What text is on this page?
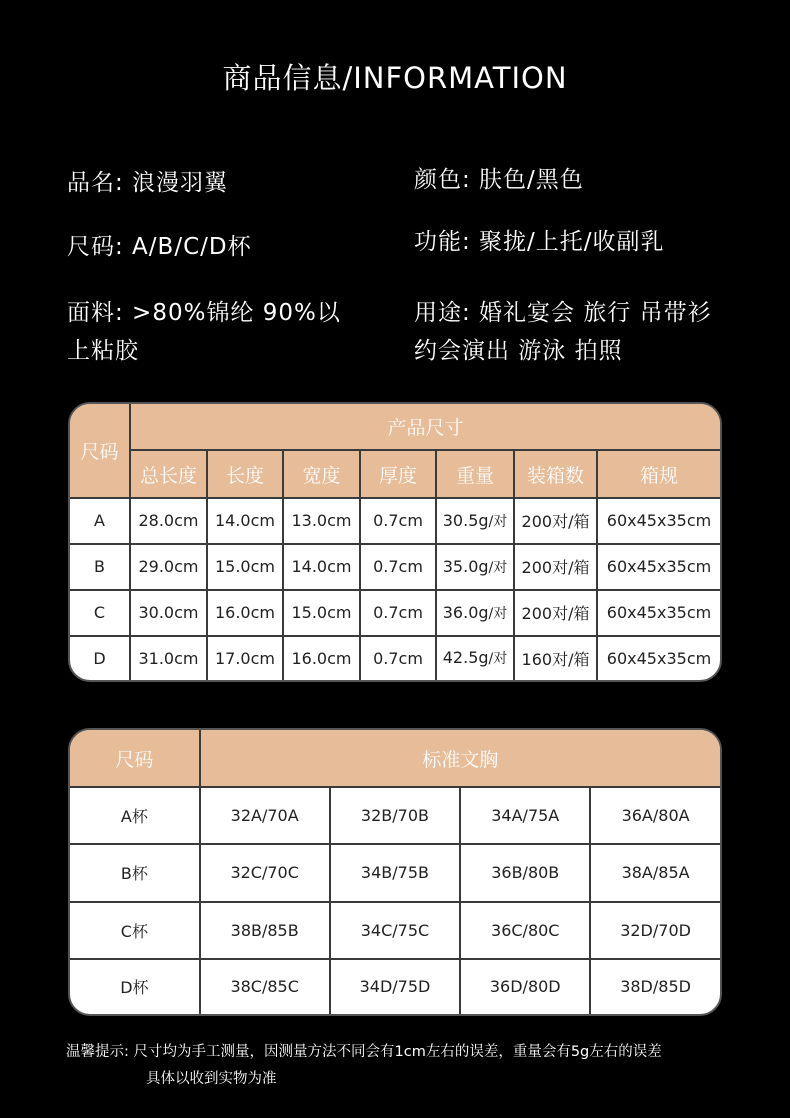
商品信息/INFORMATION
品名: 浪漫羽翼	颜色: 肤色/黑色
尺码: A/B/C/D杯	功能: 聚拢/上托/收副乳
面料: >80%锦纶 90%以
上粘胶
用途: 婚礼宴会 旅行 吊带衫
约会演出 游泳 拍照
尺码	产品尺寸						
	总长度	长度	宽度	厚度	重量	装箱数	箱规
A	28.0cm	14.0cm	13.0cm	0.7cm	30.5g/对	200对/箱	60x45x35cm
B	29.0cm	15.0cm	14.0cm	0.7cm	35.0g/对	200对/箱	60x45x35cm
C	30.0cm	16.0cm	15.0cm	0.7cm	36.0g/对	200对/箱	60x45x35cm
D	31.0cm	17.0cm	16.0cm	0.7cm	42.5g/对	160对/箱	60x45x35cm
尺码	标准文胸			
A杯	32A/70A	32B/70B	34A/75A	36A/80A
B杯	32C/70C	34B/75B	36B/80B	38A/85A
C杯	38B/85B	34C/75C	36C/80C	32D/70D
D杯	38C/85C	34D/75D	36D/80D	38D/85D
温馨提示: 尺寸均为手工测量，因测量方法不同会有1cm左右的误差，重量会有5g左右的误差
具体以收到实物为准
